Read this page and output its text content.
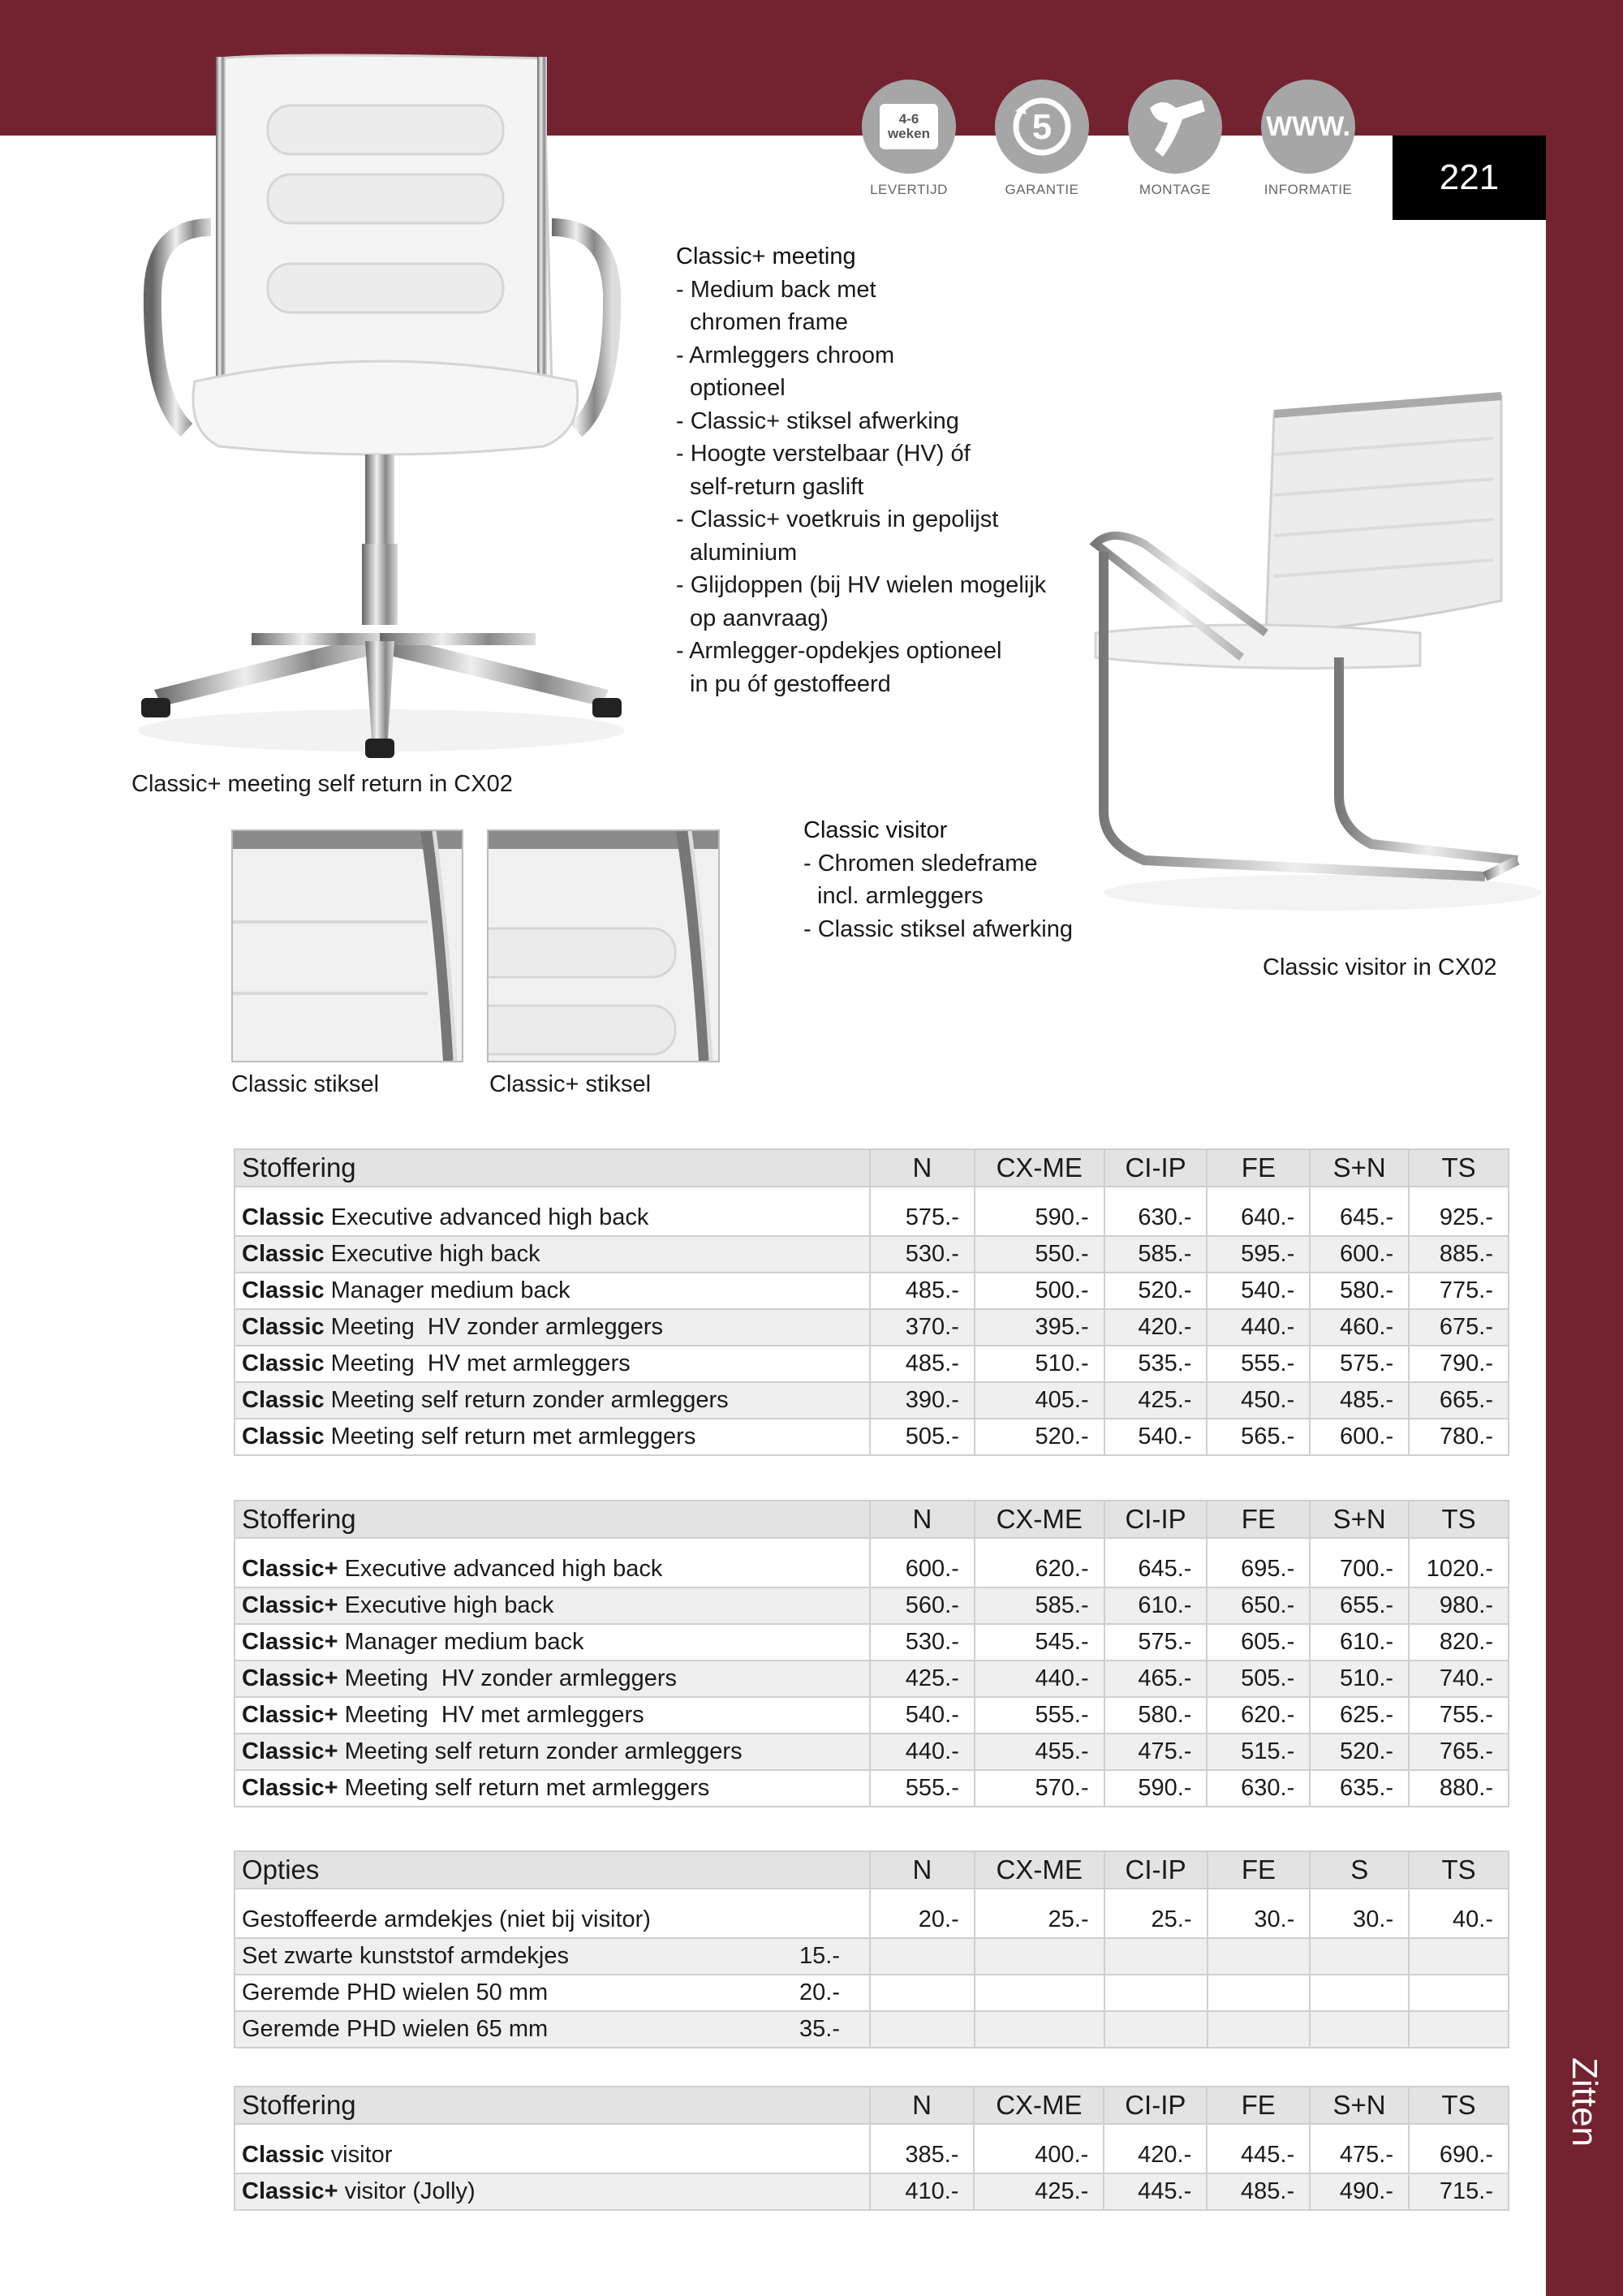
221
Zitten
4-6 weken
LEVERTIJD
5
GARANTIE	MONTAGE
WWW.
INFORMATIE
Classic+ meeting self return in CX02
Classic+ meeting
- Medium back met
chromen frame
- Armleggers chroom
optioneel
- Classic+ stiksel afwerking
- Hoogte verstelbaar (HV) óf
self-return gaslift
- Classic+ voetkruis in gepolijst
aluminium
- Glijdoppen (bij HV wielen mogelijk
op aanvraag)
- Armlegger-opdekjes optioneel
in pu óf gestoffeerd
Classic visitor in CX02
Classic visitor
- Chromen sledeframe
incl. armleggers
- Classic stiksel afwerking
Classic stiksel	Classic+ stiksel
Stoffering	N	CX-ME	CI-IP	FE	S+N	TS

Classic Executive advanced high back	575.-	590.-	630.-	640.-	645.-	925.-
Classic Executive high back	530.-	550.-	585.-	595.-	600.-	885.-
Classic Manager medium back	485.-	500.-	520.-	540.-	580.-	775.-
Classic Meeting  HV zonder armleggers	370.-	395.-	420.-	440.-	460.-	675.-
Classic Meeting  HV met armleggers	485.-	510.-	535.-	555.-	575.-	790.-
Classic Meeting self return zonder armleggers	390.-	405.-	425.-	450.-	485.-	665.-
Classic Meeting self return met armleggers	505.-	520.-	540.-	565.-	600.-	780.-
Stoffering	N	CX-ME	CI-IP	FE	S+N	TS

Classic+ Executive advanced high back	600.-	620.-	645.-	695.-	700.-	1020.-
Classic+ Executive high back	560.-	585.-	610.-	650.-	655.-	980.-
Classic+ Manager medium back	530.-	545.-	575.-	605.-	610.-	820.-
Classic+ Meeting  HV zonder armleggers	425.-	440.-	465.-	505.-	510.-	740.-
Classic+ Meeting  HV met armleggers	540.-	555.-	580.-	620.-	625.-	755.-
Classic+ Meeting self return zonder armleggers	440.-	455.-	475.-	515.-	520.-	765.-
Classic+ Meeting self return met armleggers	555.-	570.-	590.-	630.-	635.-	880.-
Opties	N	CX-ME	CI-IP	FE	S	TS

Gestoffeerde armdekjes (niet bij visitor)	20.-	25.-	25.-	30.-	30.-	40.-
Set zwarte kunststof armdekjes 15.-						

Geremde PHD wielen 50 mm 20.-						

Geremde PHD wielen 65 mm 35.-						

Stoffering	N	CX-ME	CI-IP	FE	S+N	TS

Classic visitor	385.-	400.-	420.-	445.-	475.-	690.-
Classic+ visitor (Jolly)	410.-	425.-	445.-	485.-	490.-	715.-
